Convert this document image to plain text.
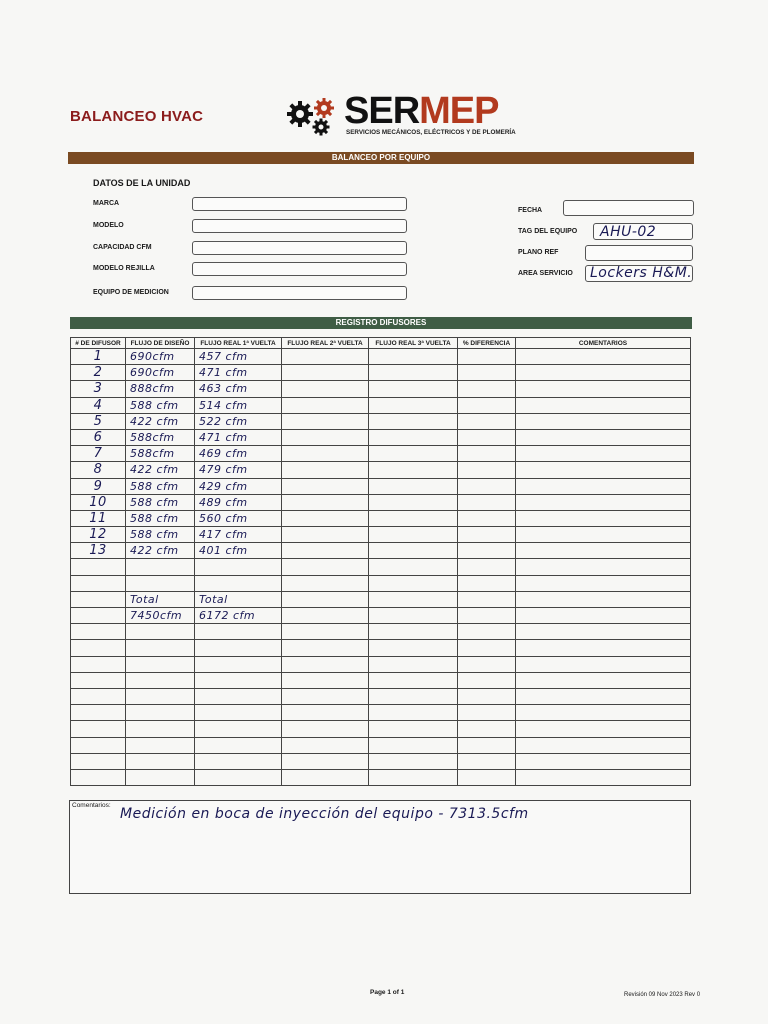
BALANCEO HVAC	SERMEP
SERVICIOS MECÁNICOS, ELÉCTRICOS Y DE PLOMERÍA
BALANCEO POR EQUIPO
DATOS DE LA UNIDAD
MARCA
MODELO
CAPACIDAD CFM
MODELO REJILLA
EQUIPO DE MEDICION
FECHA
TAG DEL EQUIPO AHU-02
PLANO REF
AREA SERVICIO Lockers H&M.
REGISTRO DIFUSORES
# DE DIFUSOR	FLUJO DE DISEÑO	FLUJO REAL 1ª VUELTA	FLUJO REAL 2ª VUELTA	FLUJO REAL 3ª VUELTA	% DIFERENCIA	COMENTARIOS
1	690cfm	457 cfm				
2	690cfm	471 cfm				
3	888cfm	463 cfm				
4	588 cfm	514 cfm				
5	422 cfm	522 cfm				
6	588cfm	471 cfm				
7	588cfm	469 cfm				
8	422 cfm	479 cfm				
9	588 cfm	429 cfm				
10	588 cfm	489 cfm				
11	588 cfm	560 cfm				
12	588 cfm	417 cfm				
13	422 cfm	401 cfm				

	Total	Total				
	7450cfm	6172 cfm				

Comentarios:
Medición en boca de inyección del equipo - 7313.5cfm
Page 1 of 1	Revisión 09 Nov 2023 Rev 0
